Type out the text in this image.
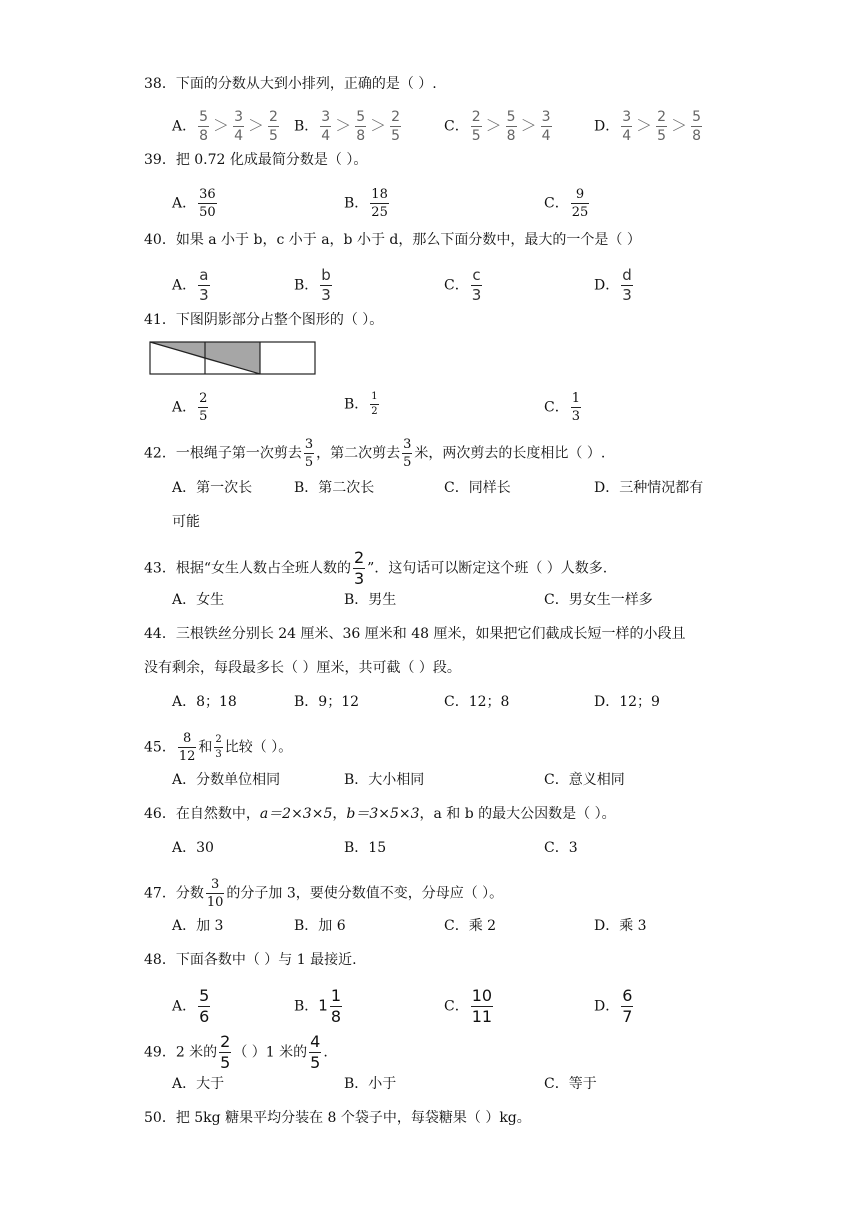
38．下面的分数从大到小排列，正确的是（ ）.
A． $\frac{5}{8} > \frac{3}{4} > \frac{2}{5}$ B． $\frac{3}{4} > \frac{5}{8} > \frac{2}{5}$	C． $\frac{2}{5} > \frac{5}{8} > \frac{3}{4}$	D． $\frac{3}{4} > \frac{2}{5} > \frac{5}{8}$
39．把 0.72 化成最简分数是（ ）。
A． $\frac{36}{50}$	B． $\frac{18}{25}$	C． $\frac{9}{25}$
40．如果 a 小于 b，c 小于 a，b 小于 d，那么下面分数中，最大的一个是（ ）
A． $\frac{a}{3}$	B． $\frac{b}{3}$	C． $\frac{c}{3}$	D． $\frac{d}{3}$
41．下图阴影部分占整个图形的（ ）。
A． $\frac{2}{5}$	B． $\frac{1}{2}$	C． $\frac{1}{3}$
42．一根绳子第一次剪去 $\frac{3}{5}$ ，第二次剪去 $\frac{3}{5}$ 米，两次剪去的长度相比（ ）.
A．第一次长	B．第二次长	C．同样长	D．三种情况都有
可能
43．根据“女生人数占全班人数的 $\frac{2}{3}$ ”．这句话可以断定这个班（ ）人数多.
A．女生	B．男生	C．男女生一样多
44．三根铁丝分别长 24 厘米、36 厘米和 48 厘米，如果把它们截成长短一样的小段且
没有剩余，每段最多长（ ）厘米，共可截（ ）段。
A．8；18	B．9；12	C．12；8	D．12；9
45． $\frac{8}{12}$ 和 $\frac{2}{3}$ 比较（ ）。
A．分数单位相同	B．大小相同	C．意义相同
46．在自然数中，a＝2×3×5，b＝3×5×3，a 和 b 的最大公因数是（ ）。
A．30	B．15	C．3
47．分数 $\frac{3}{10}$ 的分子加 3，要使分数值不变，分母应（ ）。
A．加 3	B．加 6	C．乘 2	D．乘 3
48．下面各数中（ ）与 1 最接近.
A． $\frac{5}{6}$	B．$1 \frac{1}{8}$	C． $\frac{10}{11}$	D． $\frac{6}{7}$
49．2 米的 $\frac{2}{5}$ （ ）1 米的 $\frac{4}{5}$ .
A．大于	B．小于	C．等于
50．把 5kg 糖果平均分装在 8 个袋子中，每袋糖果（ ）kg。
